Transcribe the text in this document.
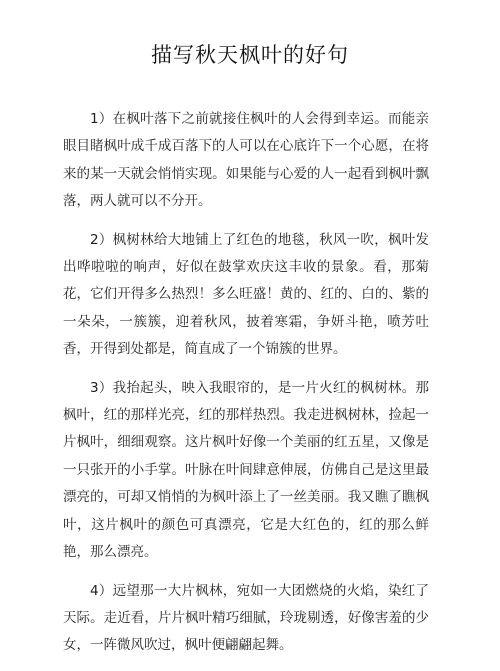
描写秋天枫叶的好句

1）在枫叶落下之前就接住枫叶的人会得到幸运。而能亲眼目睹枫叶成千成百落下的人可以在心底许下一个心愿，在将来的某一天就会悄悄实现。如果能与心爱的人一起看到枫叶飘落，两人就可以不分开。

2）枫树林给大地铺上了红色的地毯，秋风一吹，枫叶发出哗啦啦的响声，好似在鼓掌欢庆这丰收的景象。看，那菊花，它们开得多么热烈！多么旺盛！黄的、红的、白的、紫的一朵朵，一簇簇，迎着秋风，披着寒霜，争妍斗艳，喷芳吐香，开得到处都是，简直成了一个锦簇的世界。

3）我抬起头，映入我眼帘的，是一片火红的枫树林。那枫叶，红的那样光亮，红的那样热烈。我走进枫树林，捡起一片枫叶，细细观察。这片枫叶好像一个美丽的红五星，又像是一只张开的小手掌。叶脉在叶间肆意伸展，仿佛自己是这里最漂亮的，可却又悄悄的为枫叶添上了一丝美丽。我又瞧了瞧枫叶，这片枫叶的颜色可真漂亮，它是大红色的，红的那么鲜艳，那么漂亮。

4）远望那一大片枫林，宛如一大团燃烧的火焰，染红了天际。走近看，片片枫叶精巧细腻，玲珑剔透，好像害羞的少女，一阵微风吹过，枫叶便翩翩起舞。
